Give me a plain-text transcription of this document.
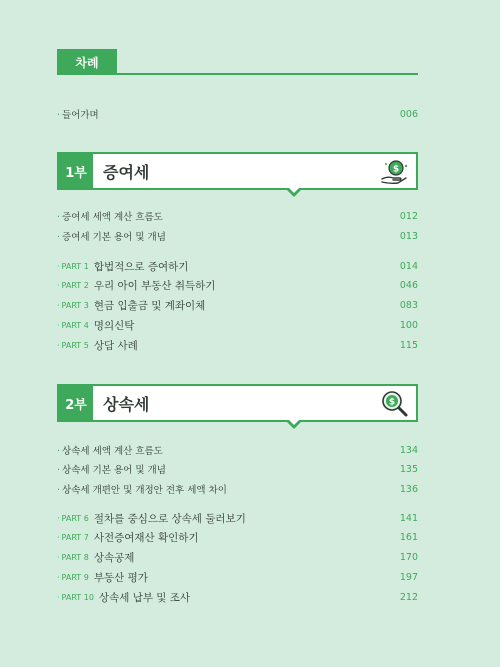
차례
· 들어가며	006
1부	증여세	$
· 증여세 세액 계산 흐름도	012
· 증여세 기본 용어 및 개념	013
· PART 1 합법적으로 증여하기	014
· PART 2 우리 아이 부동산 취득하기	046
· PART 3 현금 입출금 및 계좌이체	083
· PART 4 명의신탁	100
· PART 5 상담 사례	115
2부	상속세	$
· 상속세 세액 계산 흐름도	134
· 상속세 기본 용어 및 개념	135
· 상속세 개편안 및 개정안 전후 세액 차이	136
· PART 6 절차를 중심으로 상속세 둘러보기	141
· PART 7 사전증여재산 확인하기	161
· PART 8 상속공제	170
· PART 9 부동산 평가	197
· PART 10 상속세 납부 및 조사	212
